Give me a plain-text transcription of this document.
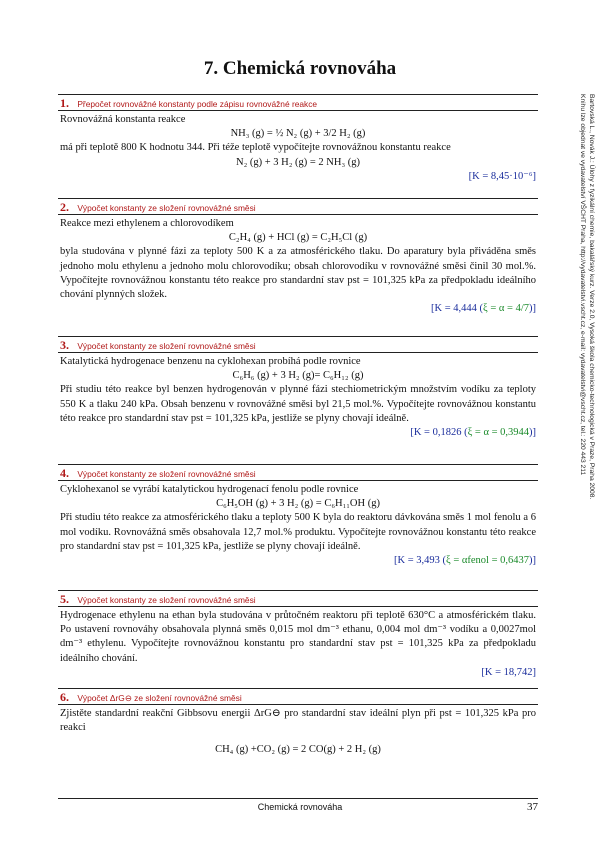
7. Chemická rovnováha
Bartovská L., Novák J.: Úlohy z fyzikální chemie, bakalářský kurz. Verze 2.0, Vysoká škola chemicko-technologická v Praze, Praha 2008.
Knihu lze objednat ve vydavatelství VŠCHT Praha, http://vydavatelstvi.vscht.cz, e-mail: vydavatelstvi@vscht.cz, tel.: 220 443 211
1. Přepočet rovnovážné konstanty podle zápisu rovnovážné reakce

Rovnovážná konstanta reakce

NH₃ (g) = ½ N₂ (g) + 3/2 H₂ (g)

má při teplotě 800 K hodnotu 344. Při téže teplotě vypočítejte rovnovážnou konstantu reakce

N₂ (g) + 3 H₂ (g) = 2 NH₃ (g)

[K = 8,45·10⁻⁶]

2. Výpočet konstanty ze složení rovnovážné směsi

Reakce mezi ethylenem a chlorovodíkem

C₂H₄ (g) + HCl (g) = C₂H₅Cl (g)

byla studována v plynné fázi za teploty 500 K a za atmosférického tlaku. Do aparatury byla přiváděna směs jednoho molu ethylenu a jednoho molu chlorovodíku; obsah chlorovodíku v rovnovážné směsi činil 30 mol.%. Vypočítejte rovnovážnou konstantu této reakce pro standardní stav pst = 101,325 kPa za předpokladu ideálního chování plynných složek.

[K = 4,444 (ξ = α = 4/7)]

3. Výpočet konstanty ze složení rovnovážné směsi

Katalytická hydrogenace benzenu na cyklohexan probíhá podle rovnice

C₆H₆ (g) + 3 H₂ (g)= C₆H₁₂ (g)

Při studiu této reakce byl benzen hydrogenován v plynné fázi stechiometrickým množstvím vodíku za teploty 550 K a tlaku 240 kPa. Obsah benzenu v rovnovážné směsi byl 21,5 mol.%. Vypočítejte rovnovážnou konstantu této reakce pro standardní stav pst = 101,325 kPa, jestliže se plyny chovají ideálně.

[K = 0,1826 (ξ = α = 0,3944)]

4. Výpočet konstanty ze složení rovnovážné směsi

Cyklohexanol se vyrábí katalytickou hydrogenací fenolu podle rovnice

C₆H₅OH (g) + 3 H₂ (g) = C₆H₁₁OH (g)

Při studiu této reakce za atmosférického tlaku a teploty 500 K byla do reaktoru dávkována směs 1 mol fenolu a 6 mol vodíku. Rovnovážná směs obsahovala 12,7 mol.% produktu. Vypočítejte rovnovážnou konstantu této reakce pro standardní stav pst = 101,325 kPa, jestliže se plyny chovají ideálně.

[K = 3,493 (ξ = αfenol = 0,6437)]

5. Výpočet konstanty ze složení rovnovážné směsi

Hydrogenace ethylenu na ethan byla studována v průtočném reaktoru při teplotě 630°C a atmosférickém tlaku. Po ustavení rovnováhy obsahovala plynná směs 0,015 mol dm⁻³ ethanu, 0,004 mol dm⁻³ vodíku a 0,0027mol dm⁻³ ethylenu. Vypočítejte rovnovážnou konstantu pro standardní stav pst = 101,325 kPa za předpokladu ideálního chování.

[K = 18,742]

6. Výpočet ΔrG⊖ ze složení rovnovážné směsi

Zjistěte standardní reakční Gibbsovu energii ΔrG⊖ pro standardní stav ideální plyn při pst = 101,325 kPa pro reakci

CH₄ (g) +CO₂ (g) = 2 CO(g) + 2 H₂ (g)

Chemická rovnováha	37
